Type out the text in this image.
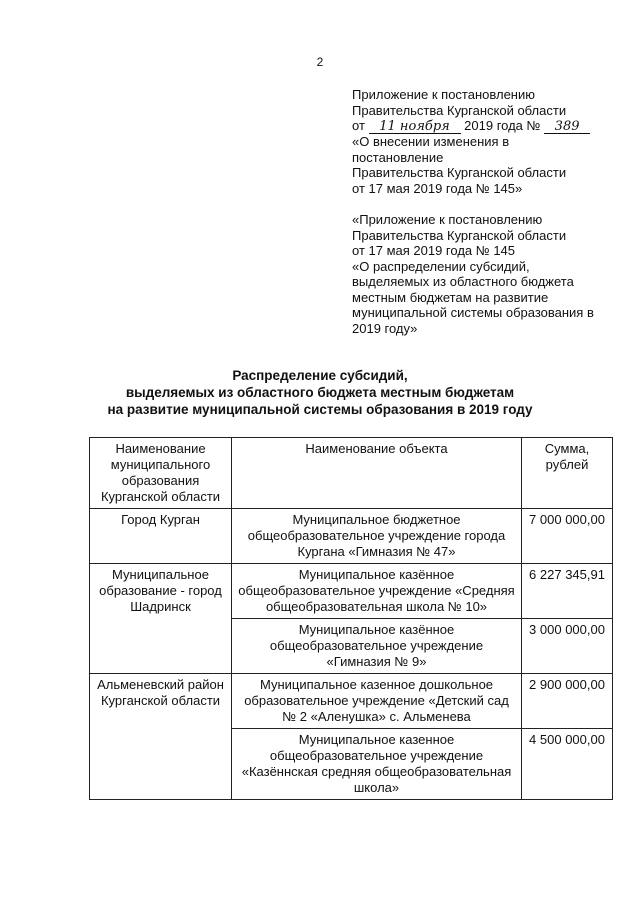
2

Приложение к постановлению

Правительства Курганской области

от 11 ноября 2019 года № 389

«О внесении изменения в

постановление

Правительства Курганской области

от 17 мая 2019 года № 145»

«Приложение к постановлению

Правительства Курганской области

от 17 мая 2019 года № 145

«О распределении субсидий,

выделяемых из областного бюджета

местным бюджетам на развитие

муниципальной системы образования в

2019 году»

Распределение субсидий,

выделяемых из областного бюджета местным бюджетам

на развитие муниципальной системы образования в 2019 году

Наименование муниципального образования Курганской области	Наименование объекта	Сумма, рублей
Город Курган	Муниципальное бюджетное общеобразовательное учреждение города Кургана «Гимназия № 47»	7 000 000,00
Муниципальное образование - город Шадринск	Муниципальное казённое общеобразовательное учреждение «Средняя общеобразовательная школа № 10»	6 227 345,91
	Муниципальное казённое общеобразовательное учреждение «Гимназия № 9»	3 000 000,00
Альменевский район Курганской области	Муниципальное казенное дошкольное образовательное учреждение «Детский сад № 2 «Аленушка» с. Альменева	2 900 000,00
	Муниципальное казенное общеобразовательное учреждение «Казённская средняя общеобразовательная школа»	4 500 000,00
